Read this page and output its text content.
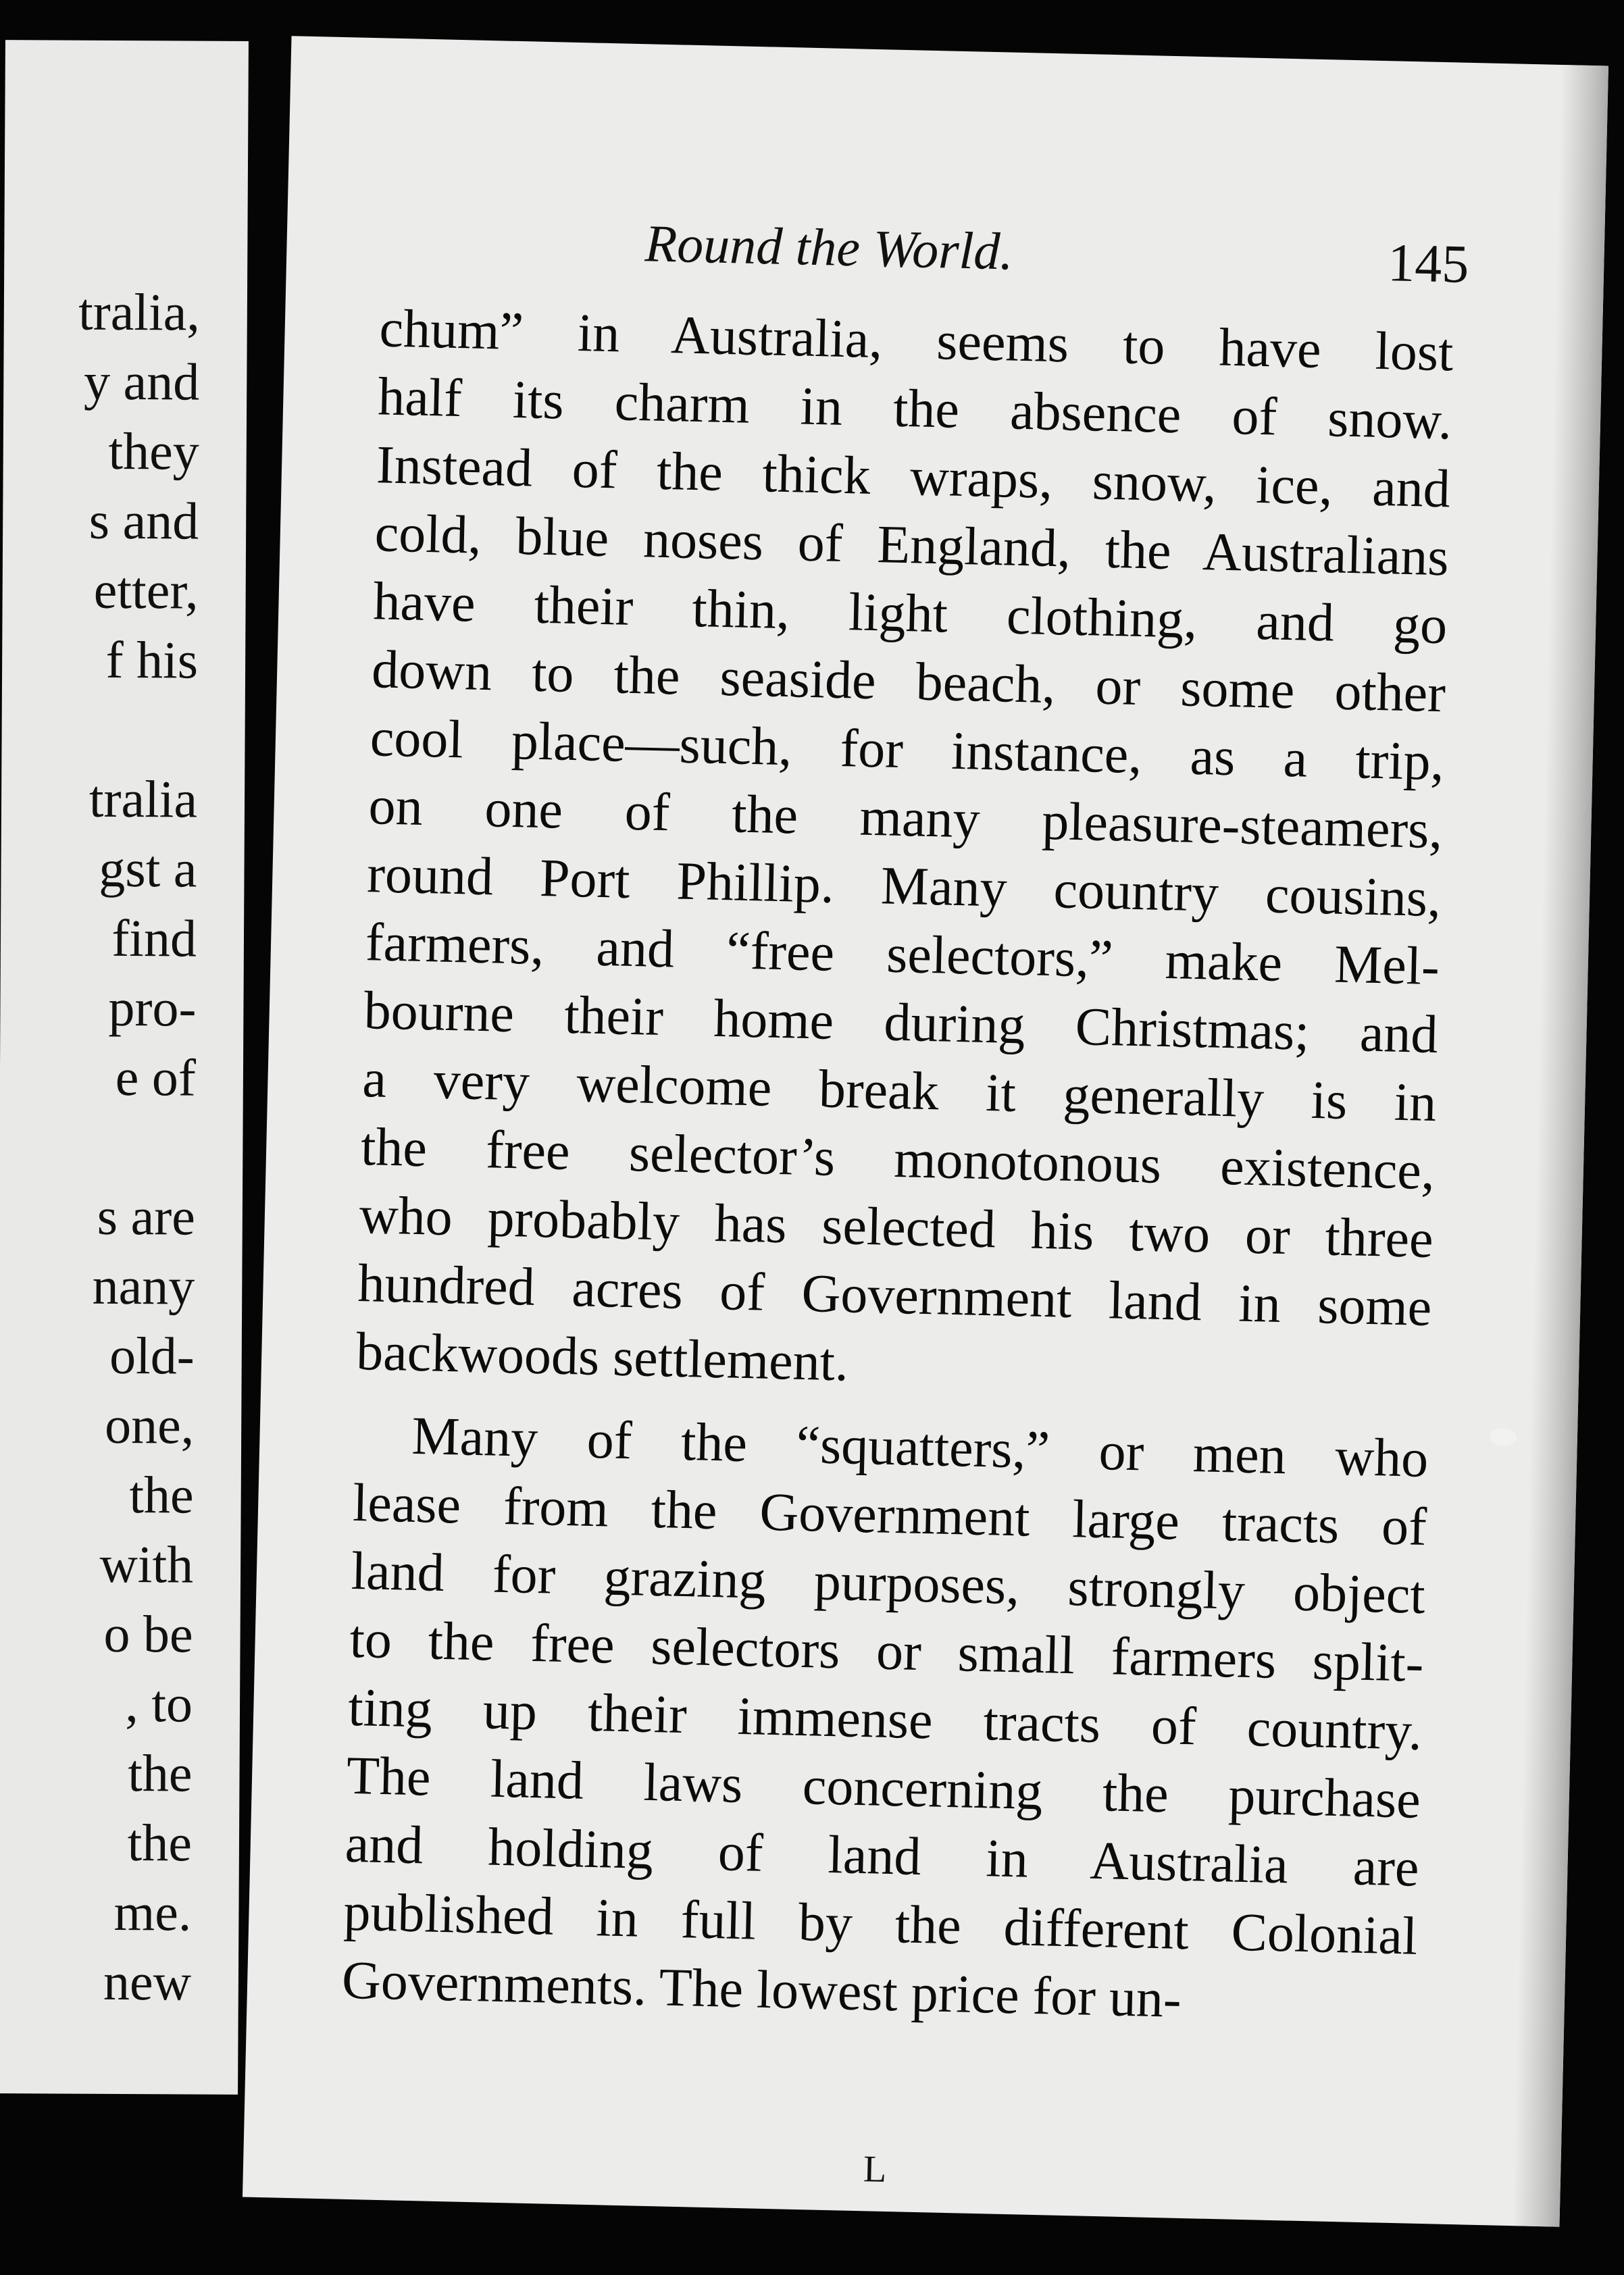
tralia,
y and
they
s and
etter,
f his
tralia
gst a
find
pro-
e of
s are
nany
old-
one,
the
with
o be
, to
the
the
me.
new
Round the World.	145
chum” in Australia, seems to have lost
half its charm in the absence of snow.
Instead of the thick wraps, snow, ice, and
cold, blue noses of England, the Australians
have their thin, light clothing, and go
down to the seaside beach, or some other
cool place—such, for instance, as a trip,
on one of the many pleasure-steamers,
round Port Phillip. Many country cousins,
farmers, and “free selectors,” make Mel-
bourne their home during Christmas; and
a very welcome break it generally is in
the free selector’s monotonous existence,
who probably has selected his two or three
hundred acres of Government land in some
backwoods settlement.
Many of the “squatters,” or men who
lease from the Government large tracts of
land for grazing purposes, strongly object
to the free selectors or small farmers split-
ting up their immense tracts of country.
The land laws concerning the purchase
and holding of land in Australia are
published in full by the different Colonial
Governments. The lowest price for un-
L
